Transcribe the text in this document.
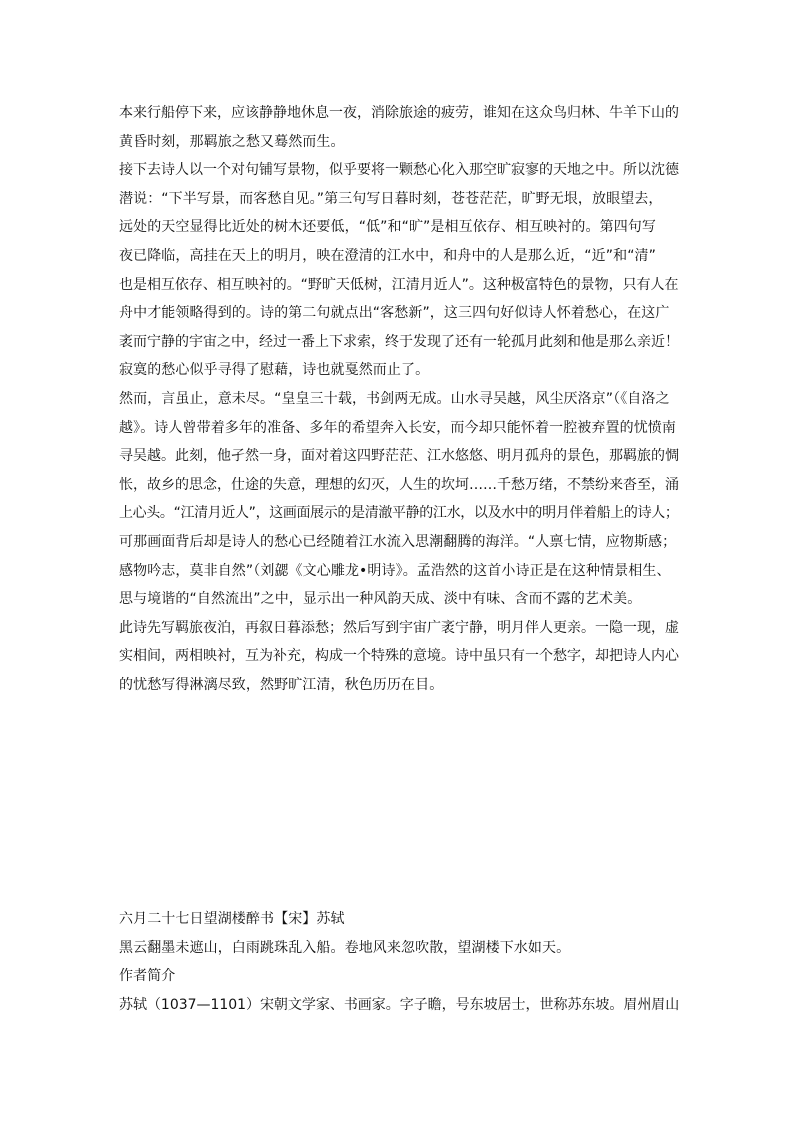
本来行船停下来，应该静静地休息一夜，消除旅途的疲劳，谁知在这众鸟归林、牛羊下山的
黄昏时刻，那羁旅之愁又蓦然而生。
接下去诗人以一个对句铺写景物，似乎要将一颗愁心化入那空旷寂寥的天地之中。所以沈德
潜说：“下半写景，而客愁自见。”第三句写日暮时刻，苍苍茫茫，旷野无垠，放眼望去，
远处的天空显得比近处的树木还要低，“低”和“旷”是相互依存、相互映衬的。第四句写
夜已降临，高挂在天上的明月，映在澄清的江水中，和舟中的人是那么近，“近”和“清”
也是相互依存、相互映衬的。“野旷天低树，江清月近人”。这种极富特色的景物，只有人在
舟中才能领略得到的。诗的第二句就点出“客愁新”，这三四句好似诗人怀着愁心，在这广
袤而宁静的宇宙之中，经过一番上下求索，终于发现了还有一轮孤月此刻和他是那么亲近！
寂寞的愁心似乎寻得了慰藉，诗也就戛然而止了。
然而，言虽止，意未尽。“皇皇三十载，书剑两无成。山水寻吴越，风尘厌洛京”（《自洛之
越》。诗人曾带着多年的准备、多年的希望奔入长安，而今却只能怀着一腔被弃置的忧愤南
寻吴越。此刻，他孑然一身，面对着这四野茫茫、江水悠悠、明月孤舟的景色，那羁旅的惆
怅，故乡的思念，仕途的失意，理想的幻灭，人生的坎坷……千愁万绪，不禁纷来沓至，涌
上心头。“江清月近人”，这画面展示的是清澈平静的江水，以及水中的明月伴着船上的诗人；
可那画面背后却是诗人的愁心已经随着江水流入思潮翻腾的海洋。“人禀七情，应物斯感；
感物吟志，莫非自然”（刘勰《文心雕龙•明诗》。孟浩然的这首小诗正是在这种情景相生、
思与境谐的“自然流出”之中，显示出一种风韵天成、淡中有味、含而不露的艺术美。
此诗先写羁旅夜泊，再叙日暮添愁；然后写到宇宙广袤宁静，明月伴人更亲。一隐一现，虚
实相间，两相映衬，互为补充，构成一个特殊的意境。诗中虽只有一个愁字，却把诗人内心
的忧愁写得淋漓尽致，然野旷江清，秋色历历在目。
六月二十七日望湖楼醉书【宋】苏轼
黑云翻墨未遮山，白雨跳珠乱入船。卷地风来忽吹散，望湖楼下水如天。
作者简介
苏轼（1037—1101）宋朝文学家、书画家。字子瞻，号东坡居士，世称苏东坡。眉州眉山
